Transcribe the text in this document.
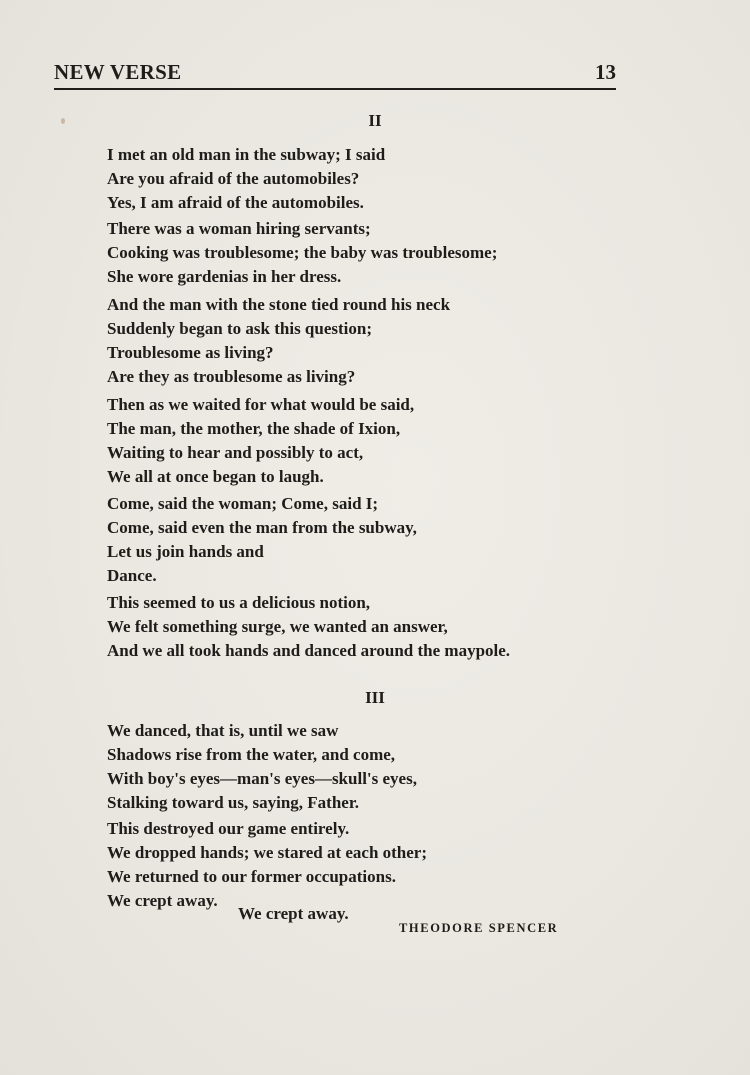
NEW VERSE	13
II
I met an old man in the subway; I said
Are you afraid of the automobiles?
Yes, I am afraid of the automobiles.
There was a woman hiring servants;
Cooking was troublesome; the baby was troublesome;
She wore gardenias in her dress.
And the man with the stone tied round his neck
Suddenly began to ask this question;
Troublesome as living?
Are they as troublesome as living?
Then as we waited for what would be said,
The man, the mother, the shade of Ixion,
Waiting to hear and possibly to act,
We all at once began to laugh.
Come, said the woman; Come, said I;
Come, said even the man from the subway,
Let us join hands and
Dance.
This seemed to us a delicious notion,
We felt something surge, we wanted an answer,
And we all took hands and danced around the maypole.
III
We danced, that is, until we saw
Shadows rise from the water, and come,
With boy's eyes—man's eyes—skull's eyes,
Stalking toward us, saying, Father.
This destroyed our game entirely.
We dropped hands; we stared at each other;
We returned to our former occupations.
We crept away.
We crept away.
THEODORE SPENCER
